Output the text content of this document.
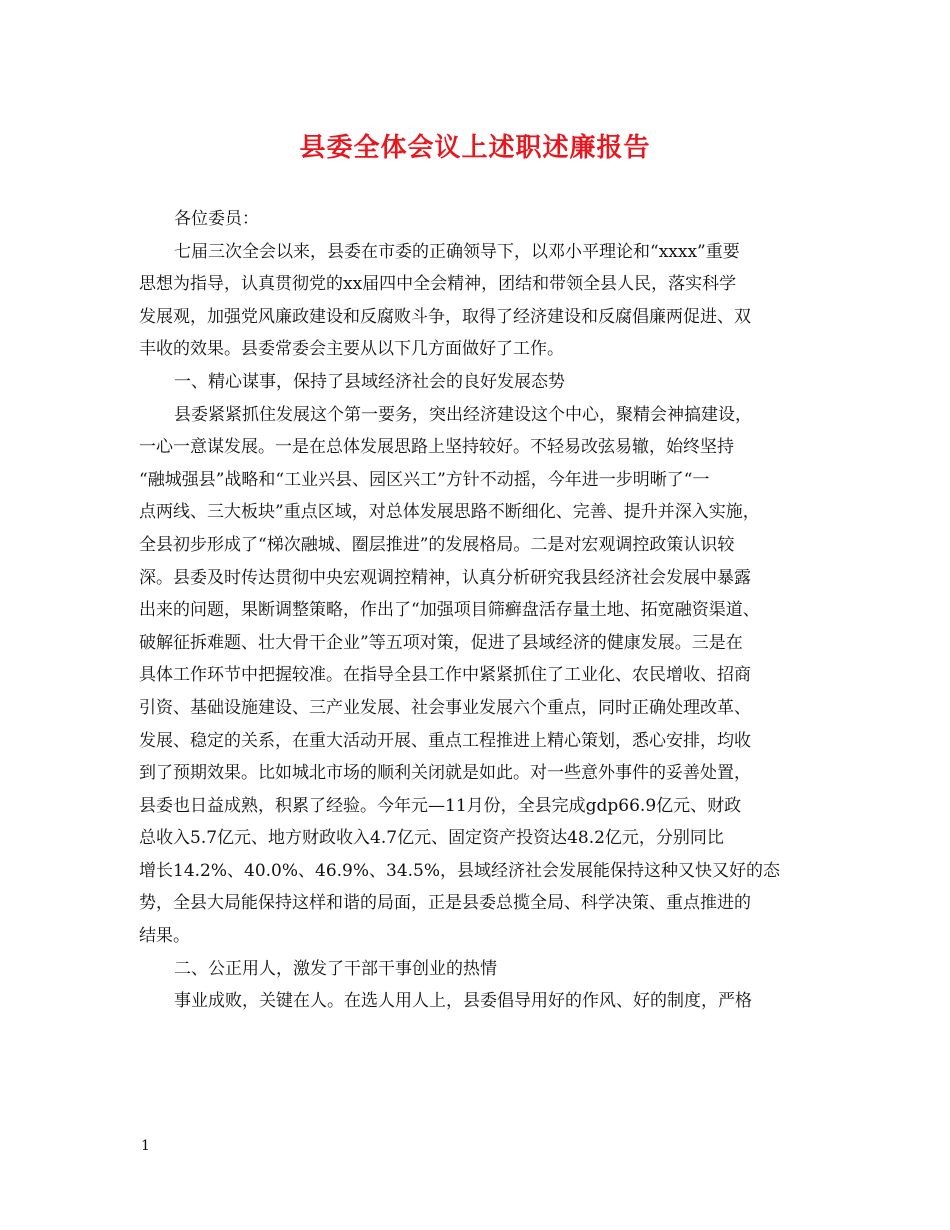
县委全体会议上述职述廉报告
各位委员：
七届三次全会以来，县委在市委的正确领导下，以邓小平理论和“xxxx”重要
思想为指导，认真贯彻党的xx届四中全会精神，团结和带领全县人民，落实科学
发展观，加强党风廉政建设和反腐败斗争，取得了经济建设和反腐倡廉两促进、双
丰收的效果。县委常委会主要从以下几方面做好了工作。
一、精心谋事，保持了县域经济社会的良好发展态势
县委紧紧抓住发展这个第一要务，突出经济建设这个中心，聚精会神搞建设，
一心一意谋发展。一是在总体发展思路上坚持较好。不轻易改弦易辙，始终坚持
“融城强县”战略和“工业兴县、园区兴工”方针不动摇，今年进一步明晰了“一
点两线、三大板块”重点区域，对总体发展思路不断细化、完善、提升并深入实施，
全县初步形成了“梯次融城、圈层推进”的发展格局。二是对宏观调控政策认识较
深。县委及时传达贯彻中央宏观调控精神，认真分析研究我县经济社会发展中暴露
出来的问题，果断调整策略，作出了“加强项目筛癣盘活存量土地、拓宽融资渠道、
破解征拆难题、壮大骨干企业”等五项对策，促进了县域经济的健康发展。三是在
具体工作环节中把握较准。在指导全县工作中紧紧抓住了工业化、农民增收、招商
引资、基础设施建设、三产业发展、社会事业发展六个重点，同时正确处理改革、
发展、稳定的关系，在重大活动开展、重点工程推进上精心策划，悉心安排，均收
到了预期效果。比如城北市场的顺利关闭就是如此。对一些意外事件的妥善处置，
县委也日益成熟，积累了经验。今年元—11月份，全县完成gdp66.9亿元、财政
总收入5.7亿元、地方财政收入4.7亿元、固定资产投资达48.2亿元，分别同比
增长14.2%、40.0%、46.9%、34.5%，县域经济社会发展能保持这种又快又好的态
势，全县大局能保持这样和谐的局面，正是县委总揽全局、科学决策、重点推进的
结果。
二、公正用人，激发了干部干事创业的热情
事业成败，关键在人。在选人用人上，县委倡导用好的作风、好的制度，严格
1
